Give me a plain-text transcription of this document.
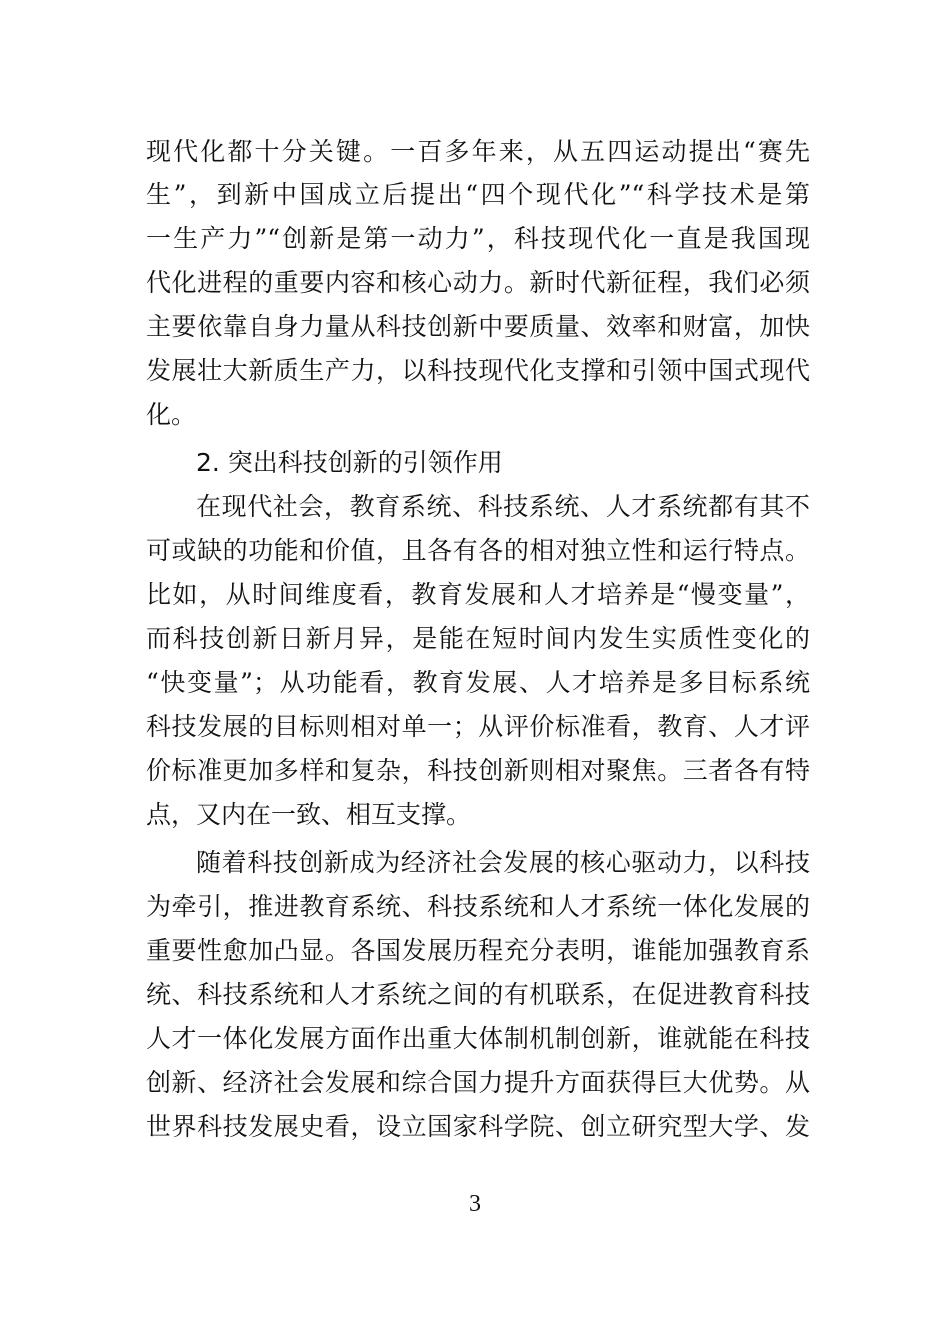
现代化都十分关键。一百多年来，从五四运动提出“赛先
生”，到新中国成立后提出“四个现代化”“科学技术是第
一生产力”“创新是第一动力”，科技现代化一直是我国现
代化进程的重要内容和核心动力。新时代新征程，我们必须
主要依靠自身力量从科技创新中要质量、效率和财富，加快
发展壮大新质生产力，以科技现代化支撑和引领中国式现代
化。
2. 突出科技创新的引领作用
在现代社会，教育系统、科技系统、人才系统都有其不
可或缺的功能和价值，且各有各的相对独立性和运行特点。
比如，从时间维度看，教育发展和人才培养是“慢变量”，
而科技创新日新月异，是能在短时间内发生实质性变化的
“快变量”；从功能看，教育发展、人才培养是多目标系统
科技发展的目标则相对单一；从评价标准看，教育、人才评
价标准更加多样和复杂，科技创新则相对聚焦。三者各有特
点，又内在一致、相互支撑。
随着科技创新成为经济社会发展的核心驱动力，以科技
为牵引，推进教育系统、科技系统和人才系统一体化发展的
重要性愈加凸显。各国发展历程充分表明，谁能加强教育系
统、科技系统和人才系统之间的有机联系，在促进教育科技
人才一体化发展方面作出重大体制机制创新，谁就能在科技
创新、经济社会发展和综合国力提升方面获得巨大优势。从
世界科技发展史看，设立国家科学院、创立研究型大学、发
3
